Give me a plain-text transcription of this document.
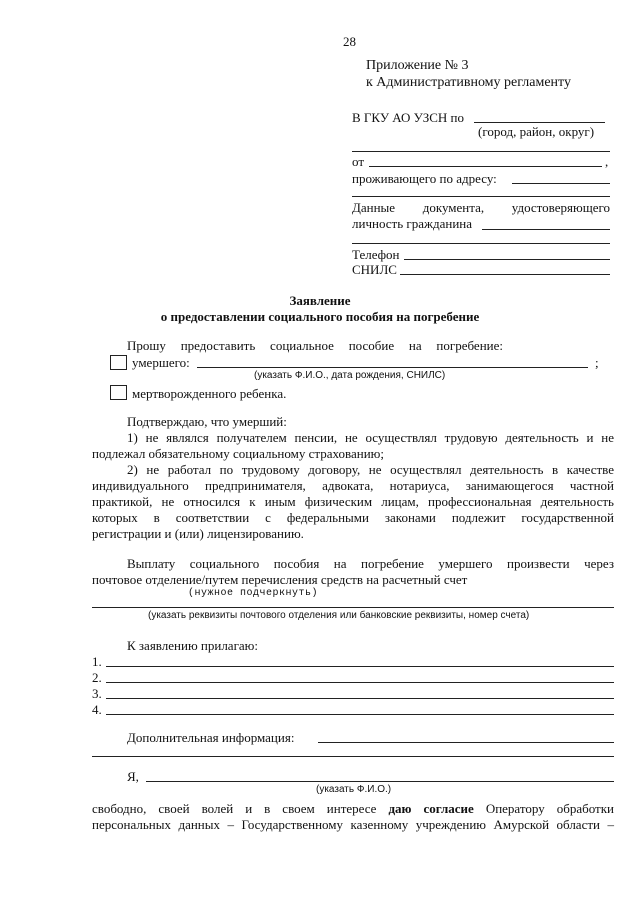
28
Приложение № 3
к Административному регламенту
В ГКУ АО УЗСН по
(город, район, округ)
от	,
проживающего по адресу:
Данные документа, удостоверяющего
личность гражданина
Телефон
СНИЛС
Заявление
о предоставлении социального пособия на погребение
Прошу предоставить социальное пособие на погребение:
умершего:	;
(указать Ф.И.О., дата рождения, СНИЛС)
мертворожденного ребенка.
Подтверждаю, что умерший:
1) не являлся получателем пенсии, не осуществлял трудовую деятельность и не
подлежал обязательному социальному страхованию;
2) не работал по трудовому договору, не осуществлял деятельность в качестве
индивидуального предпринимателя, адвоката, нотариуса, занимающегося частной
практикой, не относился к иным физическим лицам, профессиональная деятельность
которых в соответствии с федеральными законами подлежит государственной
регистрации и (или) лицензированию.
Выплату социального пособия на погребение умершего произвести через
почтовое отделение/путем перечисления средств на расчетный счет
(нужное подчеркнуть)
(указать реквизиты почтового отделения или банковские реквизиты, номер счета)
К заявлению прилагаю:
1.
2.
3.
4.
Дополнительная информация:
Я,
(указать Ф.И.О.)
свободно, своей волей и в своем интересе даю согласие Оператору обработки
персональных данных – Государственному казенному учреждению Амурской области –
